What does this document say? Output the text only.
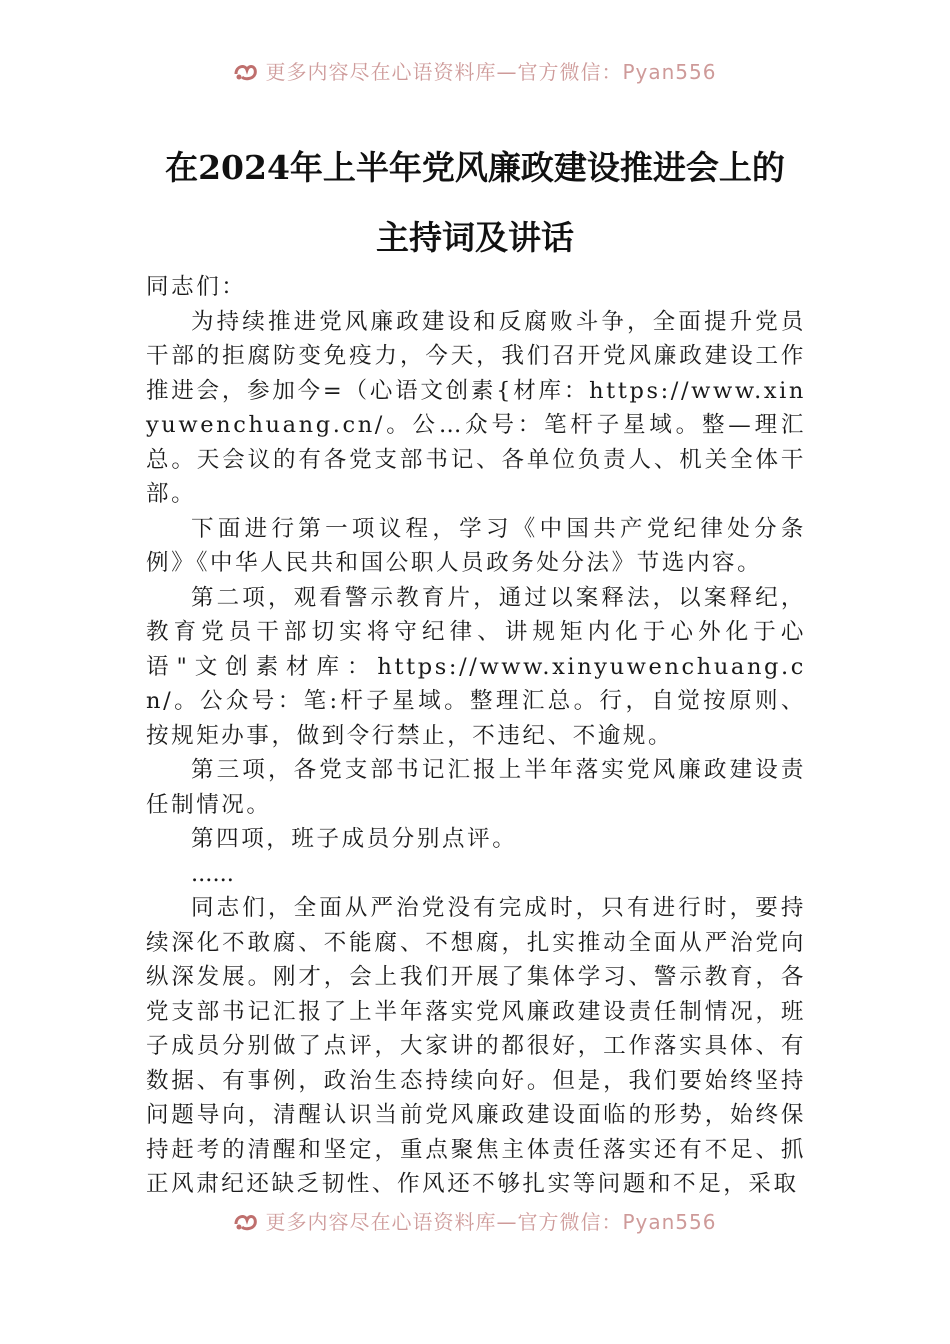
更多内容尽在心语资料库—官方微信：Pyan556
在2024年上半年党风廉政建设推进会上的
主持词及讲话

同志们：

为持续推进党风廉政建设和反腐败斗争，全面提升党员干部的拒腐防变免疫力，今天，我们召开党风廉政建设工作推进会，参加今=（心语文创素{材库：https://www.xinyuwenchuang.cn/。公…众号：笔杆子星域。整—理汇总。天会议的有各党支部书记、各单位负责人、机关全体干部。

下面进行第一项议程，学习《中国共产党纪律处分条例》《中华人民共和国公职人员政务处分法》节选内容。

第二项，观看警示教育片，通过以案释法，以案释纪，教育党员干部切实将守纪律、讲规矩内化于心外化于心语"文创素材库：https://www.xinyuwenchuang.cn/。公众号：笔:杆子星域。整理汇总。行，自觉按原则、按规矩办事，做到令行禁止，不违纪、不逾规。

第三项，各党支部书记汇报上半年落实党风廉政建设责任制情况。

第四项，班子成员分别点评。

......

同志们，全面从严治党没有完成时，只有进行时，要持续深化不敢腐、不能腐、不想腐，扎实推动全面从严治党向纵深发展。刚才，会上我们开展了集体学习、警示教育，各党支部书记汇报了上半年落实党风廉政建设责任制情况，班子成员分别做了点评，大家讲的都很好，工作落实具体、有数据、有事例，政治生态持续向好。但是，我们要始终坚持问题导向，清醒认识当前党风廉政建设面临的形势，始终保持赶考的清醒和坚定，重点聚焦主体责任落实还有不足、抓正风肃纪还缺乏韧性、作风还不够扎实等问题和不足，采取

更多内容尽在心语资料库—官方微信：Pyan556
